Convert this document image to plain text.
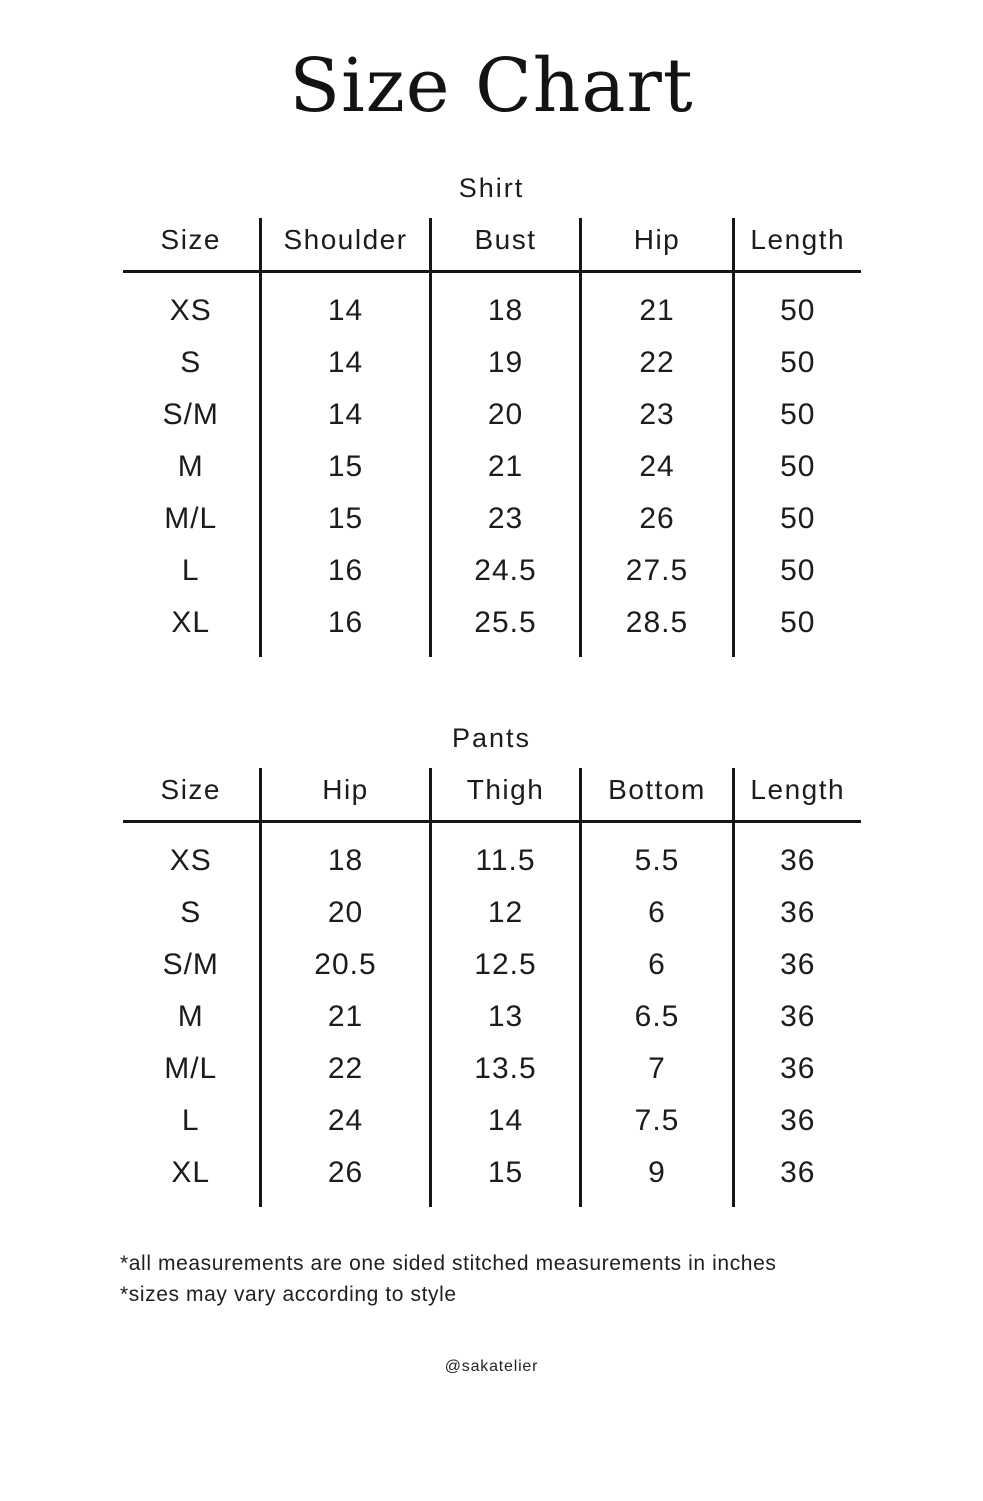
Size Chart
Shirt
Size	Shoulder	Bust	Hip	Length
XS	14	18	21	50
S	14	19	22	50
S/M	14	20	23	50
M	15	21	24	50
M/L	15	23	26	50
L	16	24.5	27.5	50
XL	16	25.5	28.5	50
Pants
Size	Hip	Thigh	Bottom	Length
XS	18	11.5	5.5	36
S	20	12	6	36
S/M	20.5	12.5	6	36
M	21	13	6.5	36
M/L	22	13.5	7	36
L	24	14	7.5	36
XL	26	15	9	36
*all measurements are one sided stitched measurements in inches
*sizes may vary according to style
@sakatelier
